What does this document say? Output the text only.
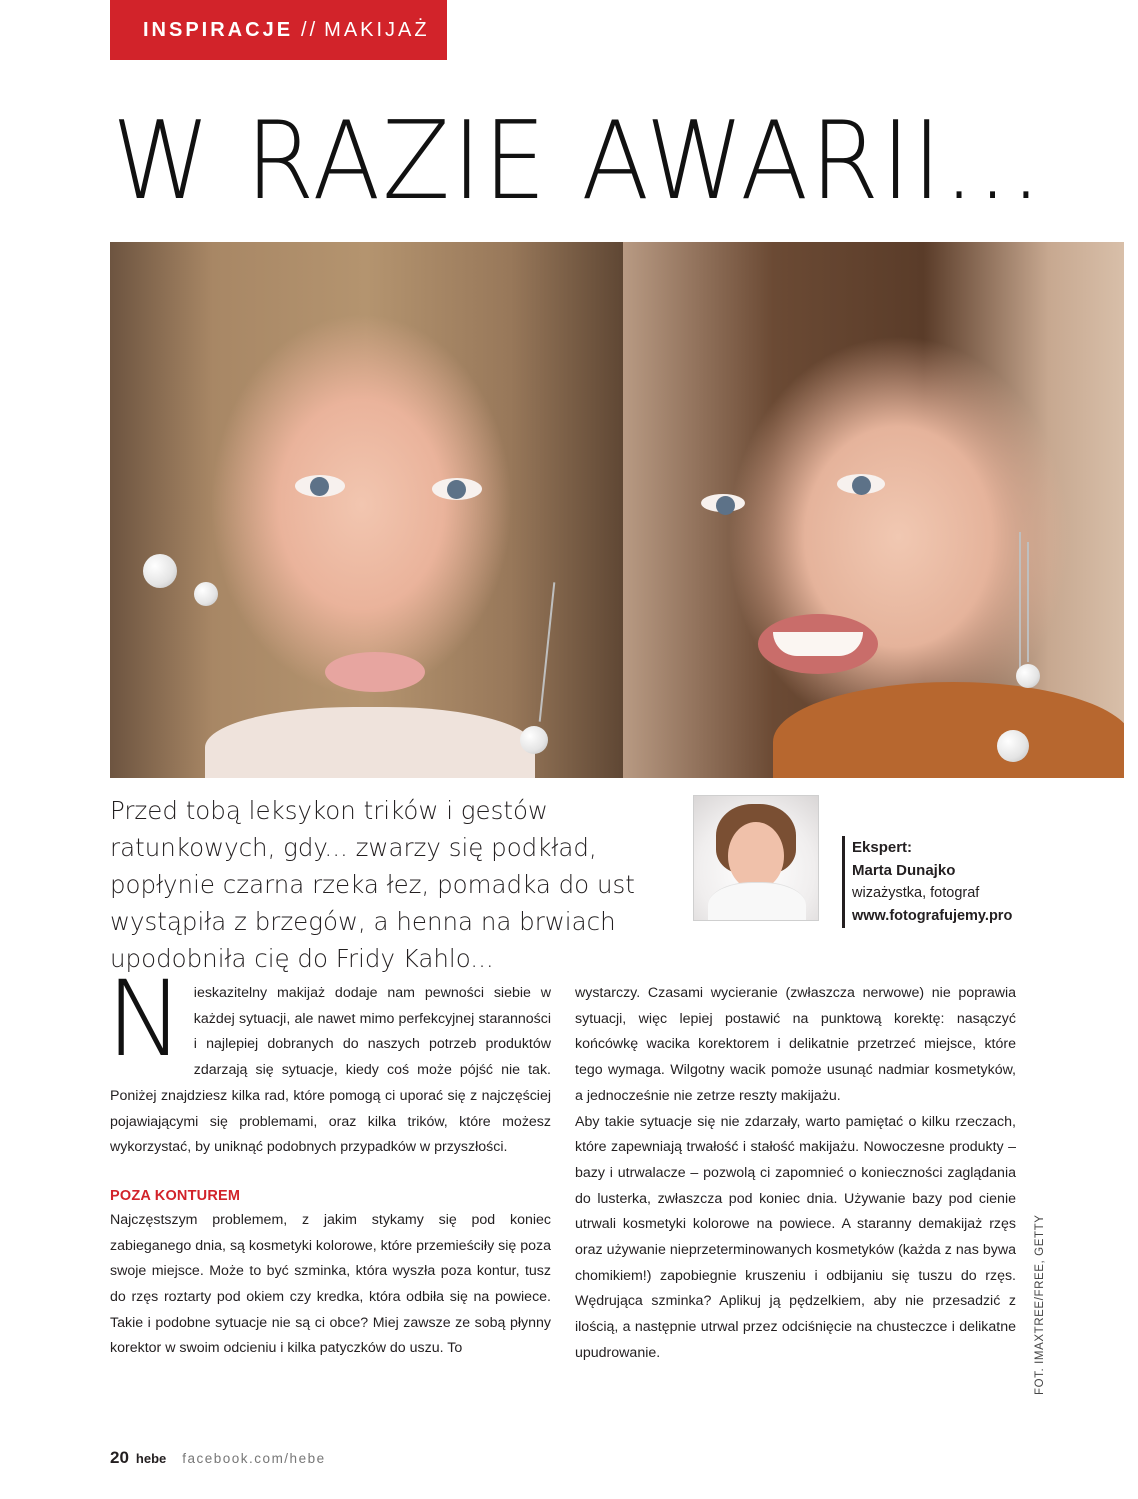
INSPIRACJE // MAKIJAŻ
W RAZIE AWARII...

Przed tobą leksykon trików i gestów ratunkowych, gdy... zwarzy się podkład, popłynie czarna rzeka łez, pomadka do ust wystąpiła z brzegów, a henna na brwiach upodobniła cię do Fridy Kahlo...

Ekspert:
Marta Dunajko
wizażystka, fotograf
www.fotografujemy.pro

Nieskazitelny makijaż dodaje nam pewności siebie w każdej sytuacji, ale nawet mimo perfekcyjnej staranności i najlepiej dobranych do naszych potrzeb produktów zdarzają się sytuacje, kiedy coś może pójść nie tak. Poniżej znajdziesz kilka rad, które pomogą ci uporać się z najczęściej pojawiającymi się problemami, oraz kilka trików, które możesz wykorzystać, by uniknąć podobnych przypadków w przyszłości.

POZA KONTUREM

Najczęstszym problemem, z jakim stykamy się pod koniec zabieganego dnia, są kosmetyki kolorowe, które przemieściły się poza swoje miejsce. Może to być szminka, która wyszła poza kontur, tusz do rzęs roztarty pod okiem czy kredka, która odbiła się na powiece. Takie i podobne sytuacje nie są ci obce? Miej zawsze ze sobą płynny korektor w swoim odcieniu i kilka patyczków do uszu. To

wystarczy. Czasami wycieranie (zwłaszcza nerwowe) nie poprawia sytuacji, więc lepiej postawić na punktową korektę: nasączyć końcówkę wacika korektorem i delikatnie przetrzeć miejsce, które tego wymaga. Wilgotny wacik pomoże usunąć nadmiar kosmetyków, a jednocześnie nie zetrze reszty makijażu.

Aby takie sytuacje się nie zdarzały, warto pamiętać o kilku rzeczach, które zapewniają trwałość i stałość makijażu. Nowoczesne produkty – bazy i utrwalacze – pozwolą ci zapomnieć o konieczności zaglądania do lusterka, zwłaszcza pod koniec dnia. Używanie bazy pod cienie utrwali kosmetyki kolorowe na powiece. A staranny demakijaż rzęs oraz używanie nieprzeterminowanych kosmetyków (każda z nas bywa chomikiem!) zapobiegnie kruszeniu i odbijaniu się tuszu do rzęs. Wędrująca szminka? Aplikuj ją pędzelkiem, aby nie przesadzić z ilością, a następnie utrwal przez odciśnięcie na chusteczce i delikatne upudrowanie.	FOT. IMAXTREE/FREE, GETTY
20 hebe facebook.com/hebe
